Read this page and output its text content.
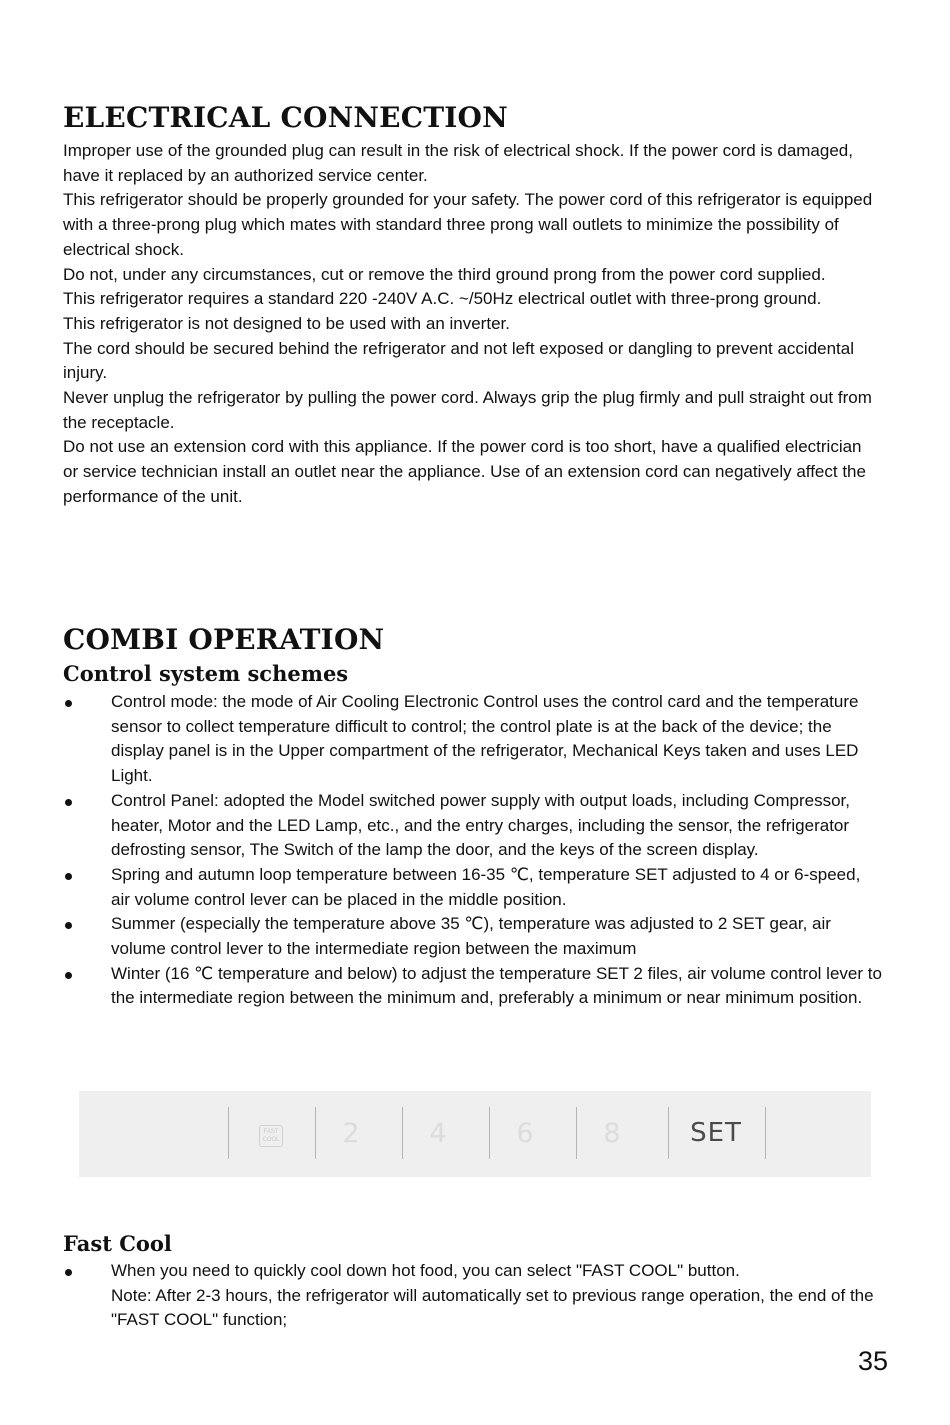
ELECTRICAL CONNECTION

Improper use of the grounded plug can result in the risk of electrical shock. If the power cord is damaged, have it replaced by an authorized service center.

This refrigerator should be properly grounded for your safety. The power cord of this refrigerator is equipped with a three-prong plug which mates with standard three prong wall outlets to minimize the possibility of electrical shock.

Do not, under any circumstances, cut or remove the third ground prong from the power cord supplied.

This refrigerator requires a standard 220 -240V A.C. ~/50Hz electrical outlet with three-prong ground.

This refrigerator is not designed to be used with an inverter.

The cord should be secured behind the refrigerator and not left exposed or dangling to prevent accidental injury.

Never unplug the refrigerator by pulling the power cord. Always grip the plug firmly and pull straight out from the receptacle.

Do not use an extension cord with this appliance. If the power cord is too short, have a qualified electrician or service technician install an outlet near the appliance. Use of an extension cord can negatively affect the performance of the unit.

COMBI OPERATION
Control system schemes

Control mode: the mode of Air Cooling Electronic Control uses the control card and the temperature sensor to collect temperature difficult to control; the control plate is at the back of the device; the display panel is in the Upper compartment of the refrigerator, Mechanical Keys taken and uses LED Light.

Control Panel: adopted the Model switched power supply with output loads, including Compressor, heater, Motor and the LED Lamp, etc., and the entry charges, including the sensor, the refrigerator defrosting sensor, The Switch of the lamp the door, and the keys of the screen display.

Spring and autumn loop temperature between 16-35 ℃, temperature SET adjusted to 4 or 6-speed, air volume control lever can be placed in the middle position.

Summer (especially the temperature above 35 ℃), temperature was adjusted to 2 SET gear, air volume control lever to the intermediate region between the maximum

Winter (16 ℃ temperature and below) to adjust the temperature SET 2 files, air volume control lever to the intermediate region between the minimum and, preferably a minimum or near minimum position.

Fast Cool

When you need to quickly cool down hot food, you can select "FAST COOL" button.

Note: After 2-3 hours, the refrigerator will automatically set to previous range operation, the end of the "FAST COOL" function;

FAST COOL	2	4	6	8	SET
35
